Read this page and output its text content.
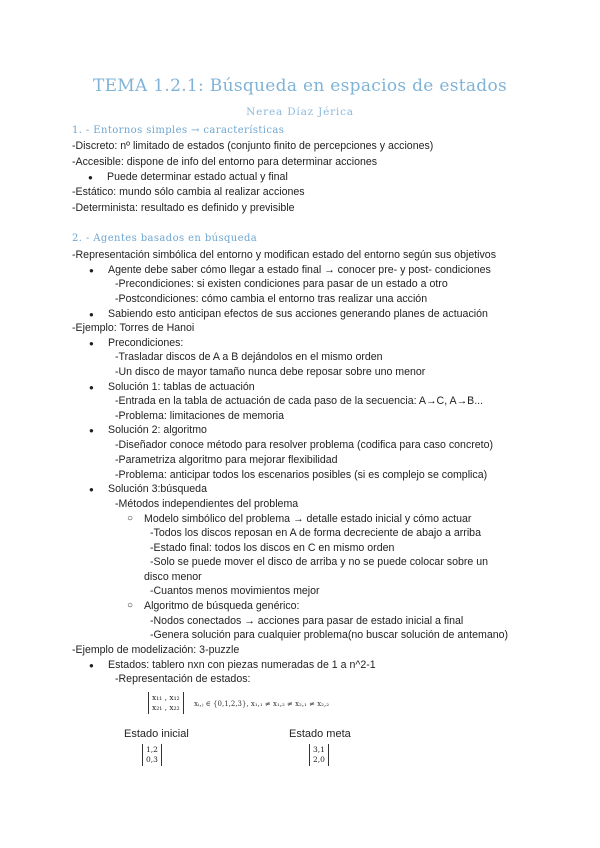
TEMA 1.2.1: Búsqueda en espacios de estados
Nerea Díaz Jérica
1. - Entornos simples → características
-Discreto: nº limitado de estados (conjunto finito de percepciones y acciones)
-Accesible: dispone de info del entorno para determinar acciones
● Puede determinar estado actual y final
-Estático: mundo sólo cambia al realizar acciones
-Determinista: resultado es definido y previsible
2. - Agentes basados en búsqueda
-Representación simbólica del entorno y modifican estado del entorno según sus objetivos
● Agente debe saber cómo llegar a estado final → conocer pre- y post- condiciones
-Precondiciones: si existen condiciones para pasar de un estado a otro
-Postcondiciones: cómo cambia el entorno tras realizar una acción
● Sabiendo esto anticipan efectos de sus acciones generando planes de actuación
-Ejemplo: Torres de Hanoi
● Precondiciones:
-Trasladar discos de A a B dejándolos en el mismo orden
-Un disco de mayor tamaño nunca debe reposar sobre uno menor
● Solución 1: tablas de actuación
-Entrada en la tabla de actuación de cada paso de la secuencia: A→C, A→B...
-Problema: limitaciones de memoria
● Solución 2: algoritmo
-Diseñador conoce método para resolver problema (codifica para caso concreto)
-Parametriza algoritmo para mejorar flexibilidad
-Problema: anticipar todos los escenarios posibles (si es complejo se complica)
● Solución 3:búsqueda
-Métodos independientes del problema
○ Modelo simbólico del problema → detalle estado inicial y cómo actuar
-Todos los discos reposan en A de forma decreciente de abajo a arriba
-Estado final: todos los discos en C en mismo orden
-Solo se puede mover el disco de arriba y no se puede colocar sobre un
disco menor
-Cuantos menos movimientos mejor
○ Algoritmo de búsqueda genérico:
-Nodos conectados → acciones para pasar de estado inicial a final
-Genera solución para cualquier problema(no buscar solución de antemano)
-Ejemplo de modelización: 3-puzzle
● Estados: tablero nxn con piezas numeradas de 1 a n^2-1
-Representación de estados:
x₁₁ , x₁₂
x₂₁ , x₂₂ xᵢ,ⱼ ∈ {0,1,2,3}, x₁,₁ ≠ x₁,₂ ≠ x₂,₁ ≠ x₂,₂
Estado inicial
1,2
0,3
Estado meta
3,1
2,0
